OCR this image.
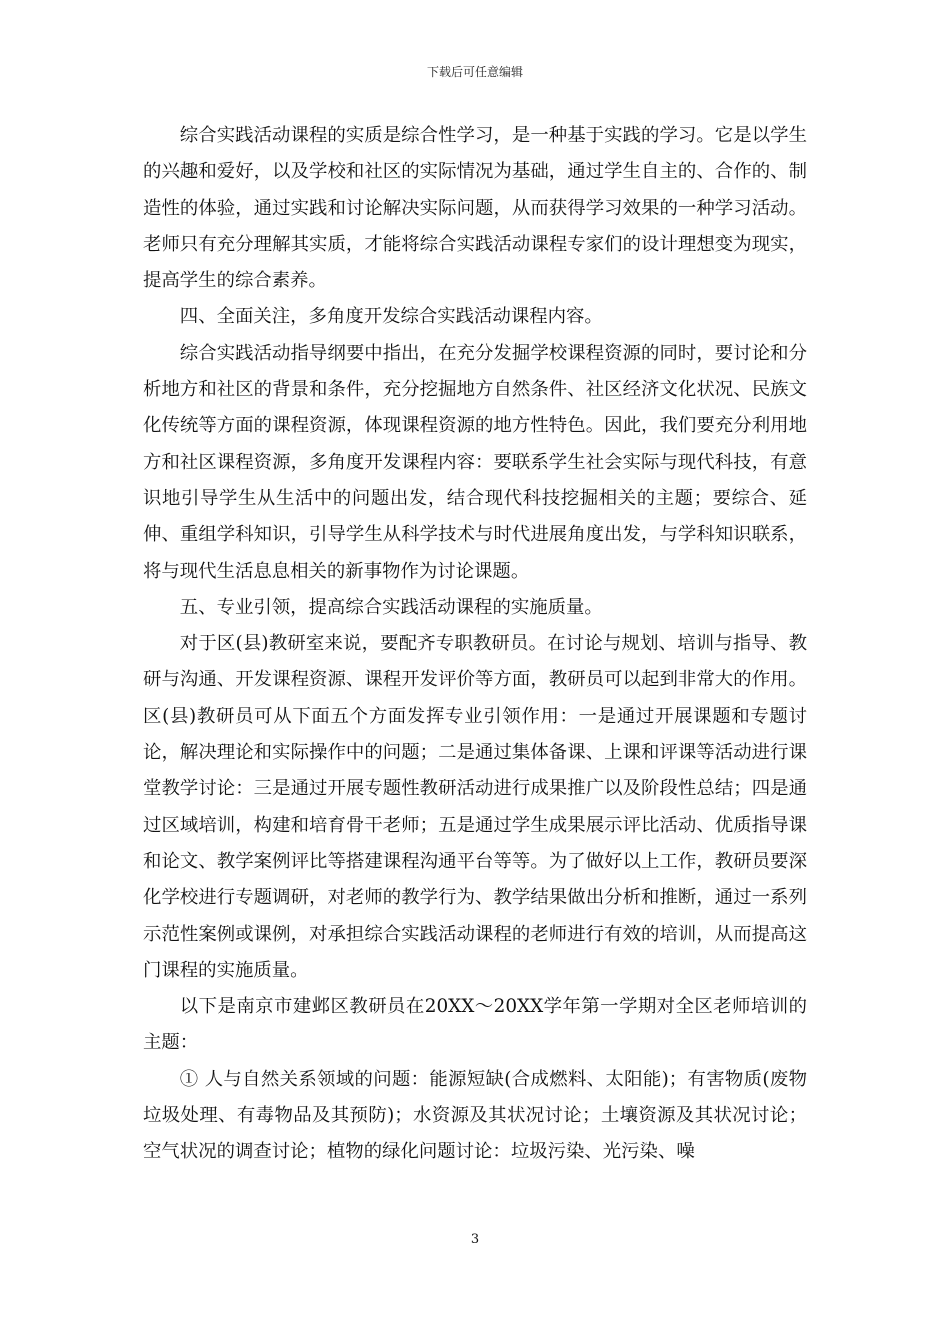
下载后可任意编辑

综合实践活动课程的实质是综合性学习，是一种基于实践的学习。它是以学生的兴趣和爱好，以及学校和社区的实际情况为基础，通过学生自主的、合作的、制造性的体验，通过实践和讨论解决实际问题，从而获得学习效果的一种学习活动。老师只有充分理解其实质，才能将综合实践活动课程专家们的设计理想变为现实，提高学生的综合素养。

四、全面关注，多角度开发综合实践活动课程内容。

综合实践活动指导纲要中指出，在充分发掘学校课程资源的同时，要讨论和分析地方和社区的背景和条件，充分挖掘地方自然条件、社区经济文化状况、民族文化传统等方面的课程资源，体现课程资源的地方性特色。因此，我们要充分利用地方和社区课程资源，多角度开发课程内容：要联系学生社会实际与现代科技，有意识地引导学生从生活中的问题出发，结合现代科技挖掘相关的主题；要综合、延伸、重组学科知识，引导学生从科学技术与时代进展角度出发，与学科知识联系，将与现代生活息息相关的新事物作为讨论课题。

五、专业引领，提高综合实践活动课程的实施质量。

对于区(县)教研室来说，要配齐专职教研员。在讨论与规划、培训与指导、教研与沟通、开发课程资源、课程开发评价等方面，教研员可以起到非常大的作用。区(县)教研员可从下面五个方面发挥专业引领作用：一是通过开展课题和专题讨论，解决理论和实际操作中的问题；二是通过集体备课、上课和评课等活动进行课堂教学讨论：三是通过开展专题性教研活动进行成果推广以及阶段性总结；四是通过区域培训，构建和培育骨干老师；五是通过学生成果展示评比活动、优质指导课和论文、教学案例评比等搭建课程沟通平台等等。为了做好以上工作，教研员要深化学校进行专题调研，对老师的教学行为、教学结果做出分析和推断，通过一系列示范性案例或课例，对承担综合实践活动课程的老师进行有效的培训，从而提高这门课程的实施质量。

以下是南京市建邺区教研员在20XX～20XX学年第一学期对全区老师培训的主题：

① 人与自然关系领域的问题：能源短缺(合成燃料、太阳能)；有害物质(废物垃圾处理、有毒物品及其预防)；水资源及其状况讨论；土壤资源及其状况讨论；空气状况的调查讨论；植物的绿化问题讨论：垃圾污染、光污染、噪

3
